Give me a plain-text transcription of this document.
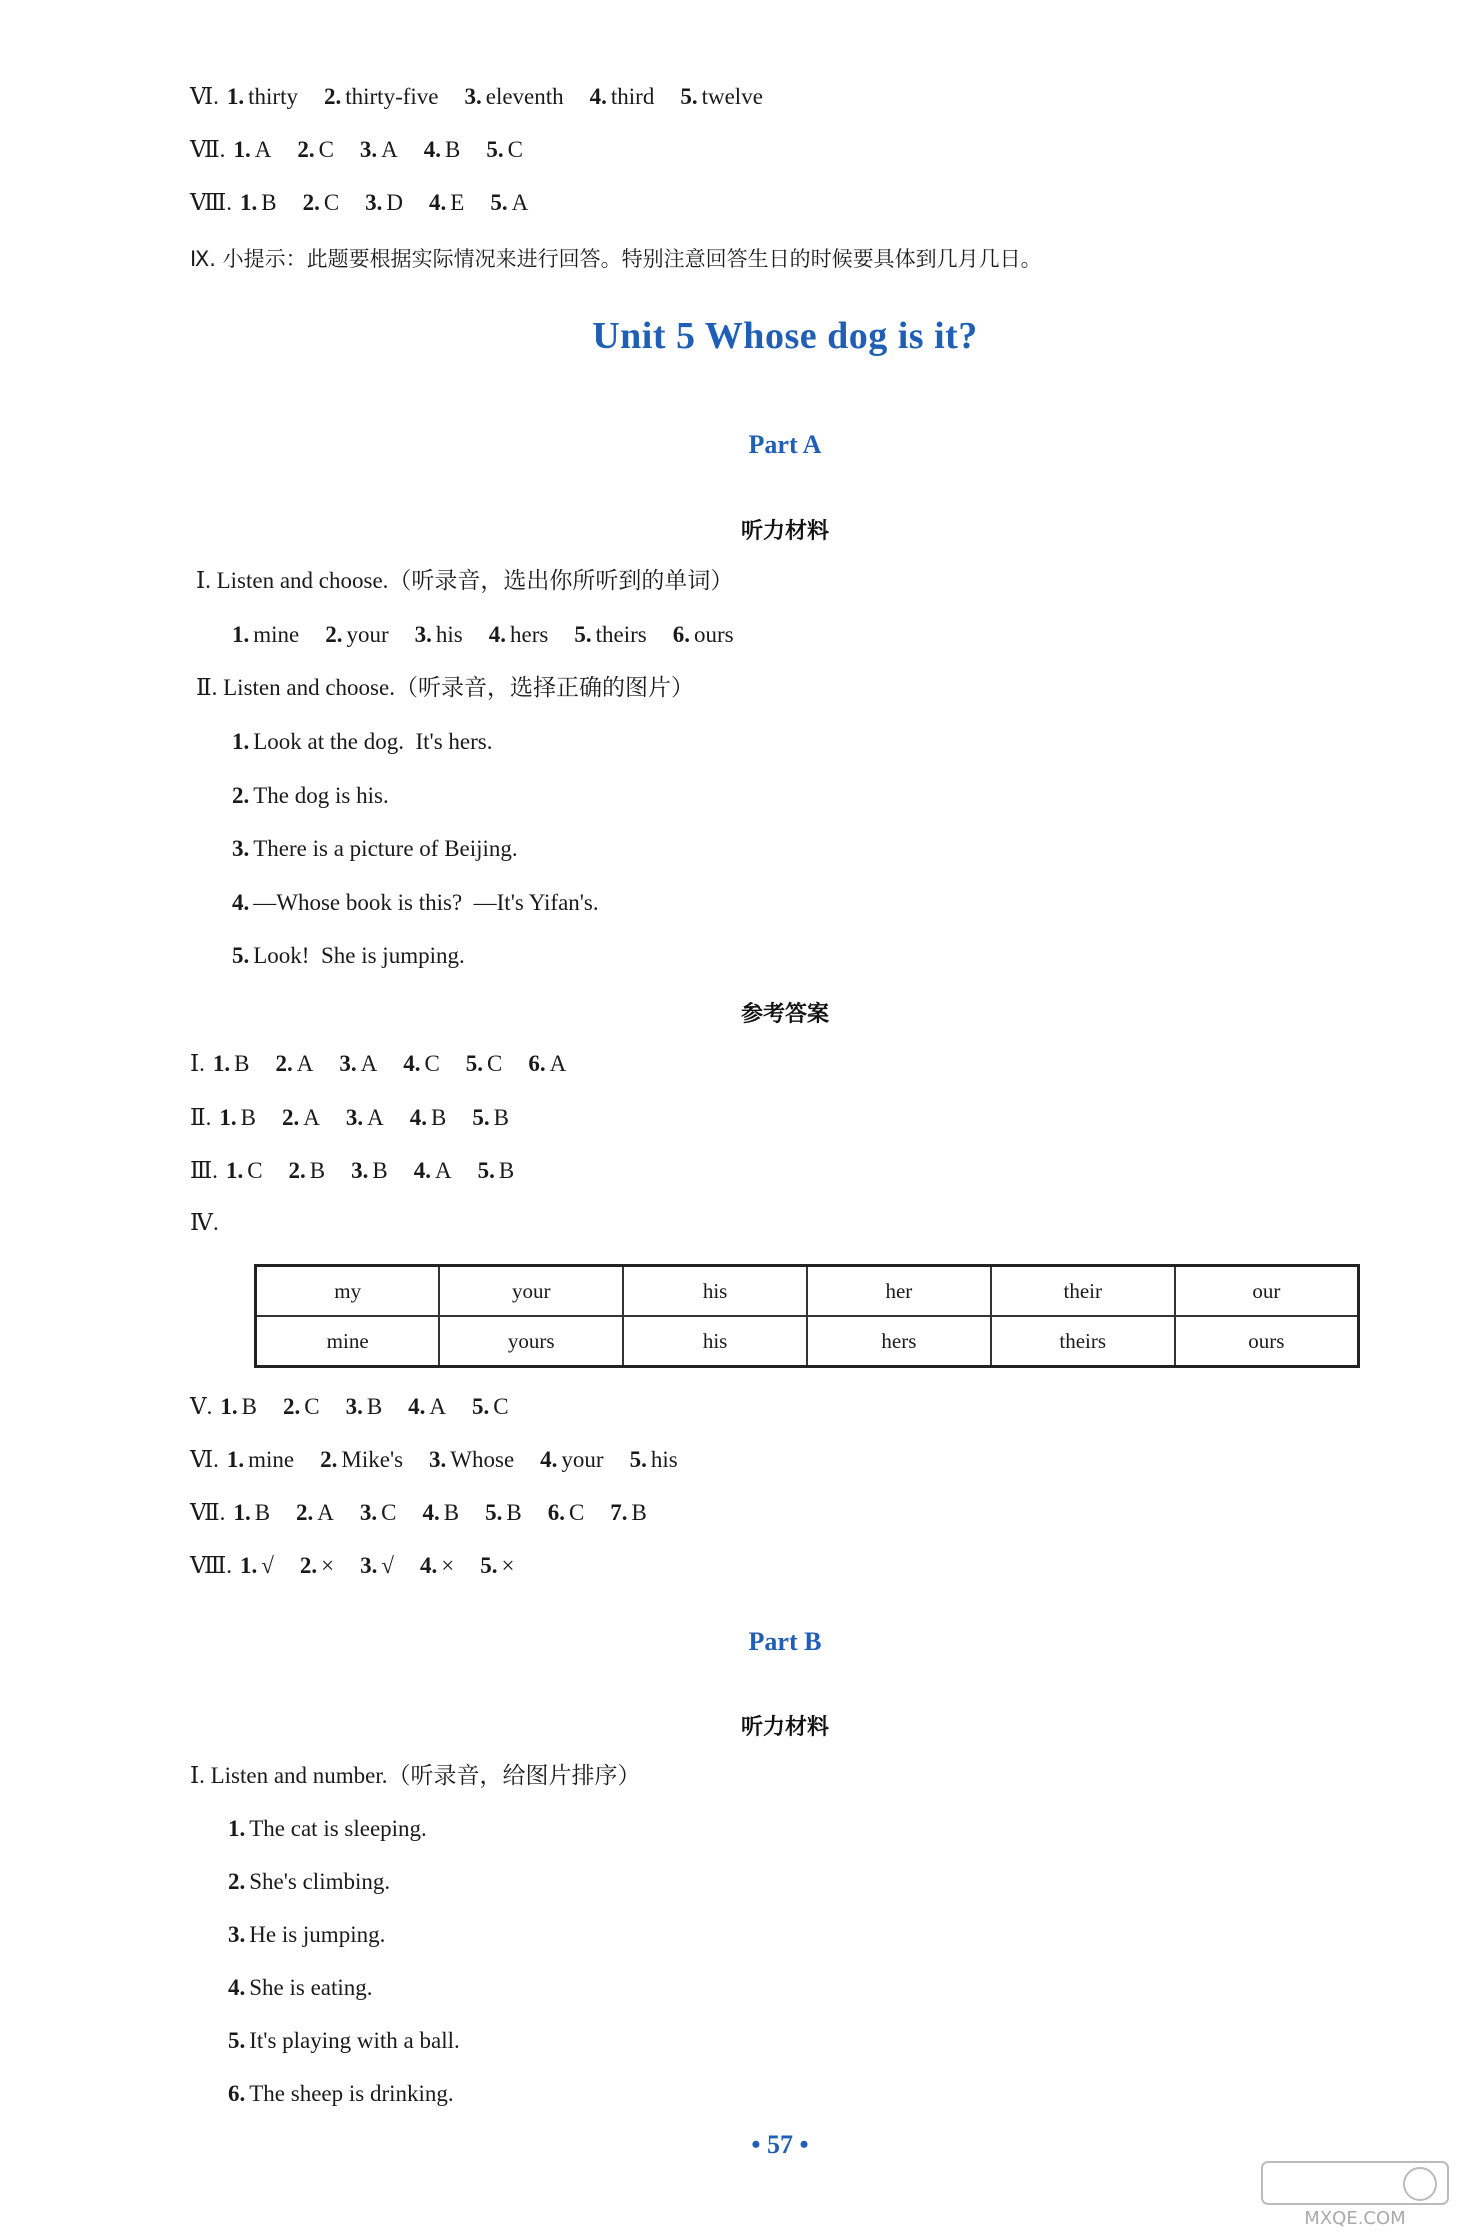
Ⅵ. 1. thirty 2. thirty-five 3. eleventh 4. third 5. twelve
Ⅶ. 1. A 2. C 3. A 4. B 5. C
Ⅷ. 1. B 2. C 3. D 4. E 5. A
Ⅸ. 小提示：此题要根据实际情况来进行回答。特别注意回答生日的时候要具体到几月几日。
Unit 5 Whose dog is it?
Part A
听力材料
Ⅰ. Listen and choose.（听录音，选出你所听到的单词）
1. mine 2. your 3. his 4. hers 5. theirs 6. ours
Ⅱ. Listen and choose.（听录音，选择正确的图片）
1. Look at the dog.  It's hers.
2. The dog is his.
3. There is a picture of Beijing.
4. —Whose book is this?  —It's Yifan's.
5. Look!  She is jumping.
参考答案
Ⅰ. 1. B 2. A 3. A 4. C 5. C 6. A
Ⅱ. 1. B 2. A 3. A 4. B 5. B
Ⅲ. 1. C 2. B 3. B 4. A 5. B
Ⅳ.
my	your	his	her	their	our
mine	yours	his	hers	theirs	ours
Ⅴ. 1. B 2. C 3. B 4. A 5. C
Ⅵ. 1. mine 2. Mike's 3. Whose 4. your 5. his
Ⅶ. 1. B 2. A 3. C 4. B 5. B 6. C 7. B
Ⅷ. 1. √ 2. × 3. √ 4. × 5. ×
Part B
听力材料
Ⅰ. Listen and number.（听录音，给图片排序）
1. The cat is sleeping.
2. She's climbing.
3. He is jumping.
4. She is eating.
5. It's playing with a ball.
6. The sheep is drinking.
• 57 •
MXQE.COM
